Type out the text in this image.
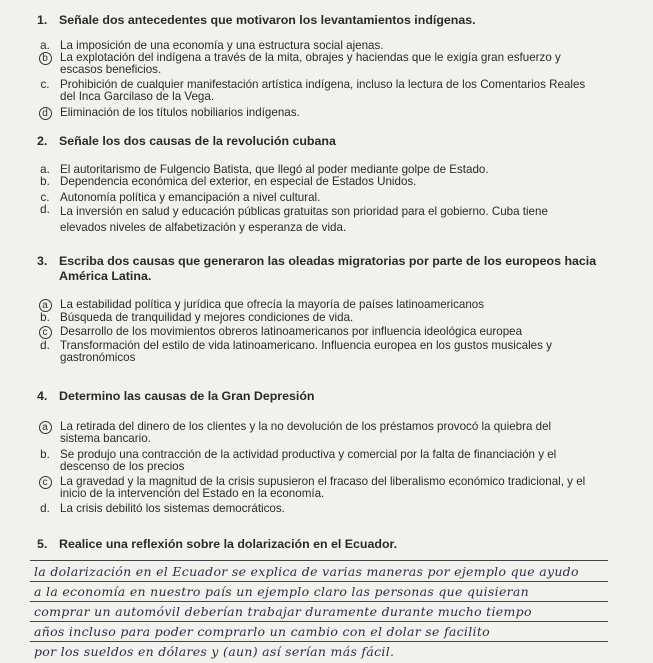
1. Señale dos antecedentes que motivaron los levantamientos indígenas.
a. La imposición de una economía y una estructura social ajenas.
b	La explotación del indígena a través de la mita, obrajes y haciendas que le exigía gran esfuerzo y
escasos beneficios.
c. Prohibición de cualquier manifestación artística indígena, incluso la lectura de los Comentarios Reales
del Inca Garcilaso de la Vega.
d	Eliminación de los títulos nobiliarios indígenas.
2. Señale los dos causas de la revolución cubana
a. El autoritarismo de Fulgencio Batista, que llegó al poder mediante golpe de Estado.
b. Dependencia económica del exterior, en especial de Estados Unidos.
c. Autonomía política y emancipación a nivel cultural.
d. La inversión en salud y educación públicas gratuitas son prioridad para el gobierno. Cuba tiene
elevados niveles de alfabetización y esperanza de vida.
3. Escriba dos causas que generaron las oleadas migratorias por parte de los europeos hacia
América Latina.
a	La estabilidad política y jurídica que ofrecía la mayoría de países latinoamericanos
b. Búsqueda de tranquilidad y mejores condiciones de vida.
c	Desarrollo de los movimientos obreros latinoamericanos por influencia ideológica europea
d. Transformación del estilo de vida latinoamericano. Influencia europea en los gustos musicales y
gastronómicos
4. Determino las causas de la Gran Depresión
a	La retirada del dinero de los clientes y la no devolución de los préstamos provocó la quiebra del
sistema bancario.
b. Se produjo una contracción de la actividad productiva y comercial por la falta de financiación y el
descenso de los precios
c	La gravedad y la magnitud de la crisis supusieron el fracaso del liberalismo económico tradicional, y el
inicio de la intervención del Estado en la economía.
d. La crisis debilitó los sistemas democráticos.
5. Realice una reflexión sobre la dolarización en el Ecuador.
la dolarización en el Ecuador se explica de varias maneras por ejemplo que ayudo
a la economía en nuestro país un ejemplo claro las personas que quisieran
comprar un automóvil deberían trabajar duramente durante mucho tiempo
años incluso para poder comprarlo un cambio con el dolar se facilito
por los sueldos en dólares y (aun) así serían más fácil.
